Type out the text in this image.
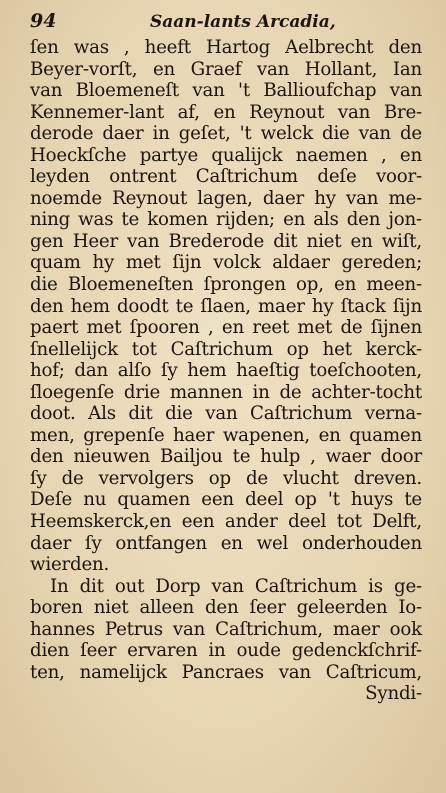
94	Saan-lants Arcadia,
ſen was , heeft Hartog Aelbrecht den
Beyer-vorſt, en Graef van Hollant, Ian
van Bloemeneſt van 't Ballioufchap van
Kennemer-lant af, en Reynout van Bre-
derode daer in geſet, 't welck die van de
Hoeckſche partye qualijck naemen , en
leyden ontrent Caſtrichum deſe voor-
noemde Reynout lagen, daer hy van me-
ning was te komen rijden; en als den jon-
gen Heer van Brederode dit niet en wiſt,
quam hy met ſijn volck aldaer gereden;
die Bloemeneſten ſprongen op, en meen-
den hem doodt te ſlaen, maer hy ſtack ſijn
paert met ſpooren , en reet met de ſijnen
ſnellelijck tot Caſtrichum op het kerck-
hof; dan alſo ſy hem haeſtig toeſchooten,
ſloegenſe drie mannen in de achter-tocht
doot. Als dit die van Caſtrichum verna-
men, grepenſe haer wapenen, en quamen
den nieuwen Bailjou te hulp , waer door
ſy de vervolgers op de vlucht dreven.
Deſe nu quamen een deel op 't huys te
Heemskerck,en een ander deel tot Delft,
daer ſy ontfangen en wel onderhouden
wierden.
In dit out Dorp van Caſtrichum is ge-
boren niet alleen den ſeer geleerden Io-
hannes Petrus van Caſtrichum, maer ook
dien ſeer ervaren in oude gedenckſchrif-
ten, namelijck Pancraes van Caſtricum,
Syndi-
